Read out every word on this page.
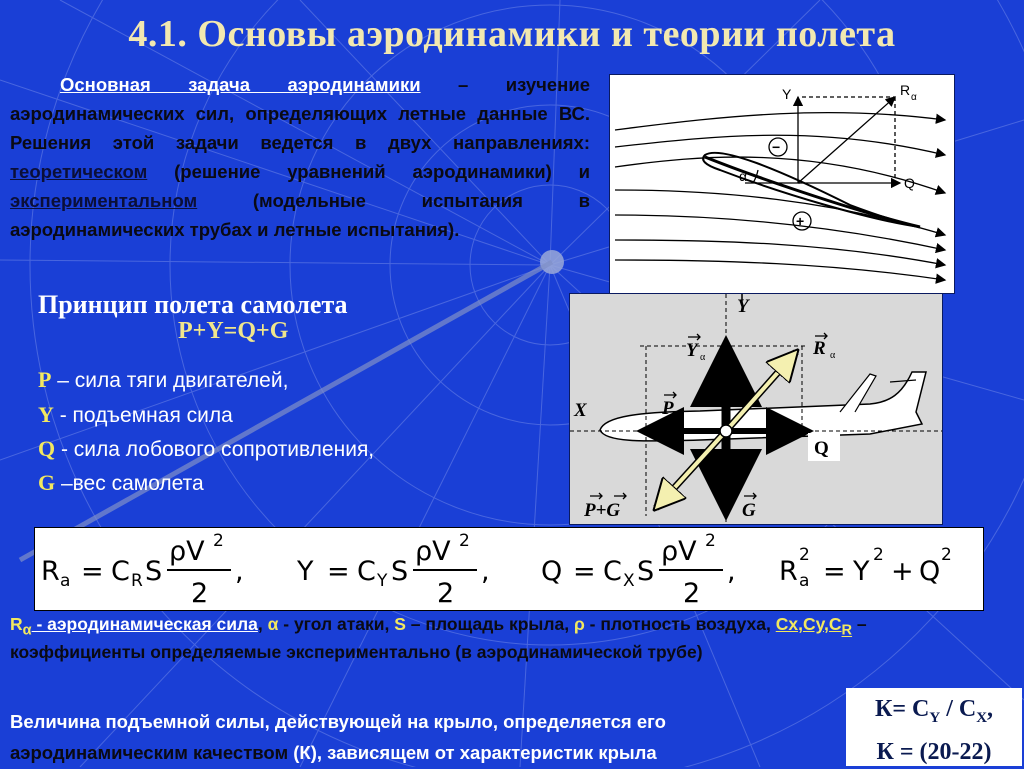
4.1. Основы аэродинамики и теории полета
Основная задача аэродинамики – изучение аэродинамических сил, определяющих летные данные ВС. Решения этой задачи ведется в двух направлениях: теоретическом (решение уравнений аэродинамики) и экспериментальном (модельные испытания в аэродинамических трубах и летные испытания).
Y	R α
Q
α
−
+
Принцип полета самолета
P+Y=Q+G
P – сила тяги двигателей,
Y - подъемная сила
Q - сила лобового сопротивления,
G –вес самолета
Y
Y	R
X	P
P+G	G
α	α
Q
R a = C R S
ρV 2
2
, Y = C Y S
ρV 2
2
, Q = C X S
ρV 2
2
, R a
2
= Y
2
+ Q
2
$R_\alpha$ - аэродинамическая сила, α - угол атаки, S – площадь крыла, ρ - плотность воздуха, $Cx,Cy,C_R$ – коэффициенты определяемые экспериментально (в аэродинамической трубе)
Величина подъемной силы, действующей на крыло, определяется его
аэродинамическим качеством (К), зависящем от характеристик крыла
$К= C_Y / C_X$,
К = (20-22)
